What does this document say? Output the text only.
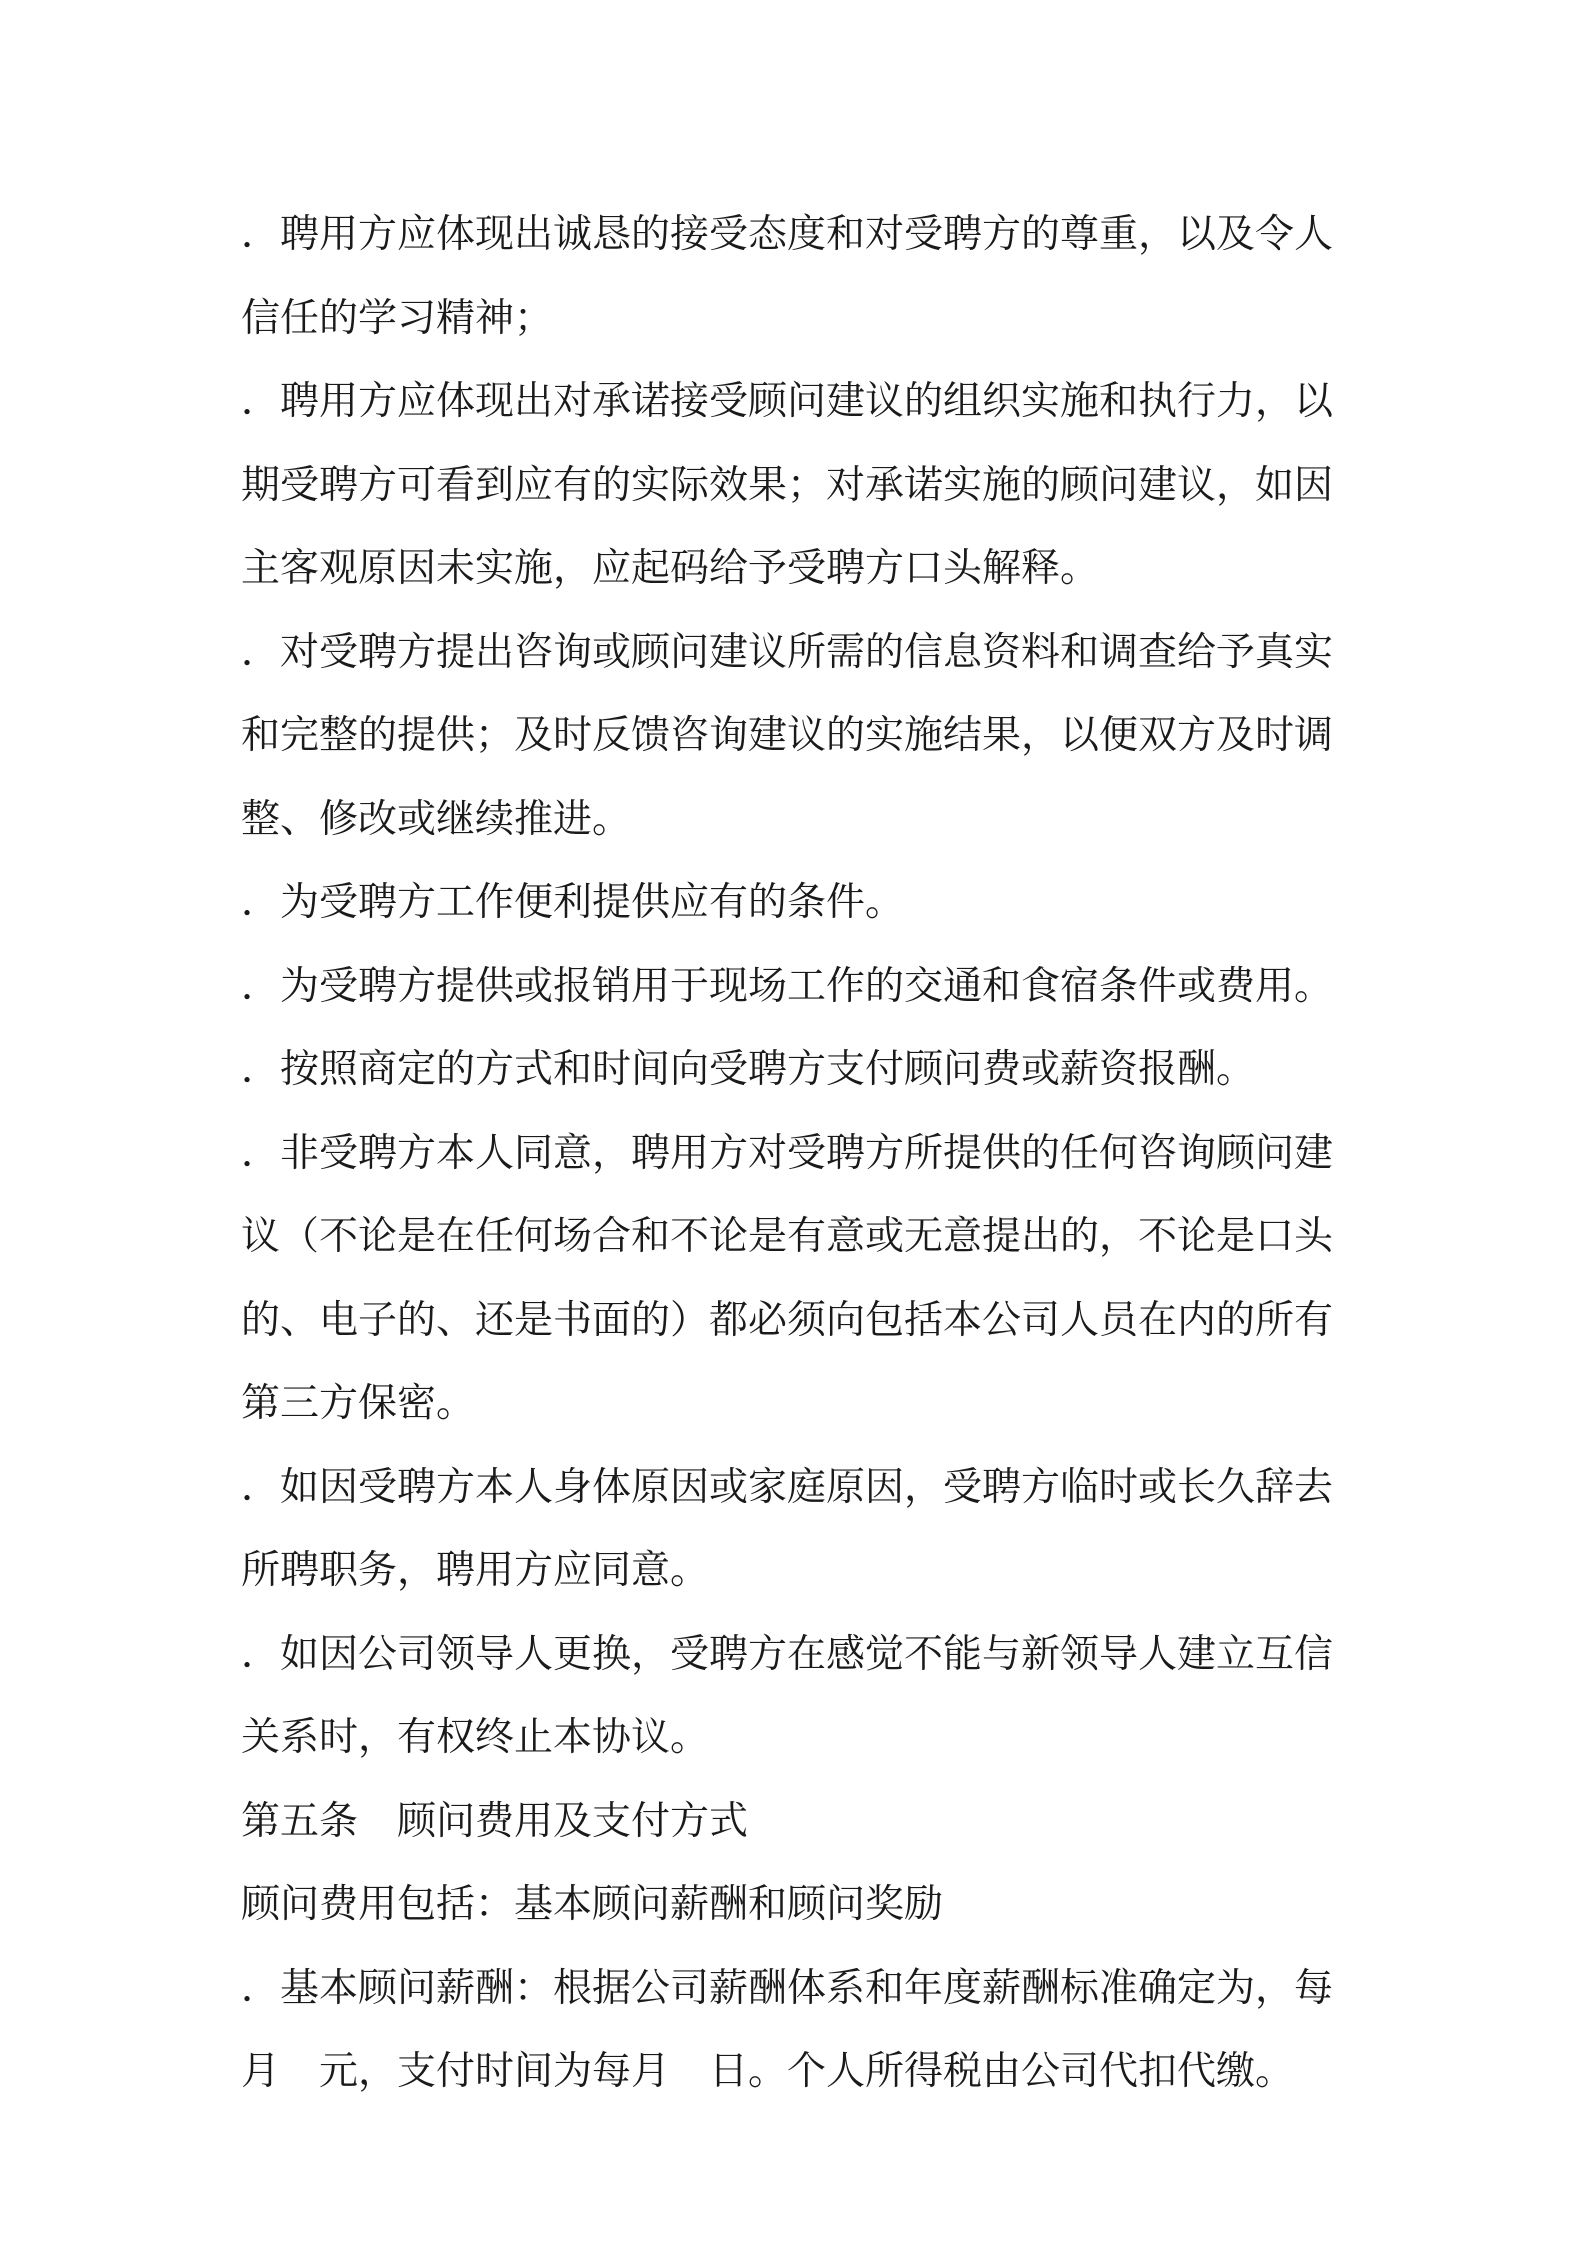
．聘用方应体现出诚恳的接受态度和对受聘方的尊重，以及令人信任的学习精神；

．聘用方应体现出对承诺接受顾问建议的组织实施和执行力，以期受聘方可看到应有的实际效果；对承诺实施的顾问建议，如因主客观原因未实施，应起码给予受聘方口头解释。

．对受聘方提出咨询或顾问建议所需的信息资料和调查给予真实和完整的提供；及时反馈咨询建议的实施结果，以便双方及时调整、修改或继续推进。

．为受聘方工作便利提供应有的条件。

．为受聘方提供或报销用于现场工作的交通和食宿条件或费用。

．按照商定的方式和时间向受聘方支付顾问费或薪资报酬。

．非受聘方本人同意，聘用方对受聘方所提供的任何咨询顾问建议（不论是在任何场合和不论是有意或无意提出的，不论是口头的、电子的、还是书面的）都必须向包括本公司人员在内的所有第三方保密。

．如因受聘方本人身体原因或家庭原因，受聘方临时或长久辞去所聘职务，聘用方应同意。

．如因公司领导人更换，受聘方在感觉不能与新领导人建立互信关系时，有权终止本协议。

第五条　顾问费用及支付方式

顾问费用包括：基本顾问薪酬和顾问奖励

．基本顾问薪酬：根据公司薪酬体系和年度薪酬标准确定为，每月　元，支付时间为每月　日。个人所得税由公司代扣代缴。
